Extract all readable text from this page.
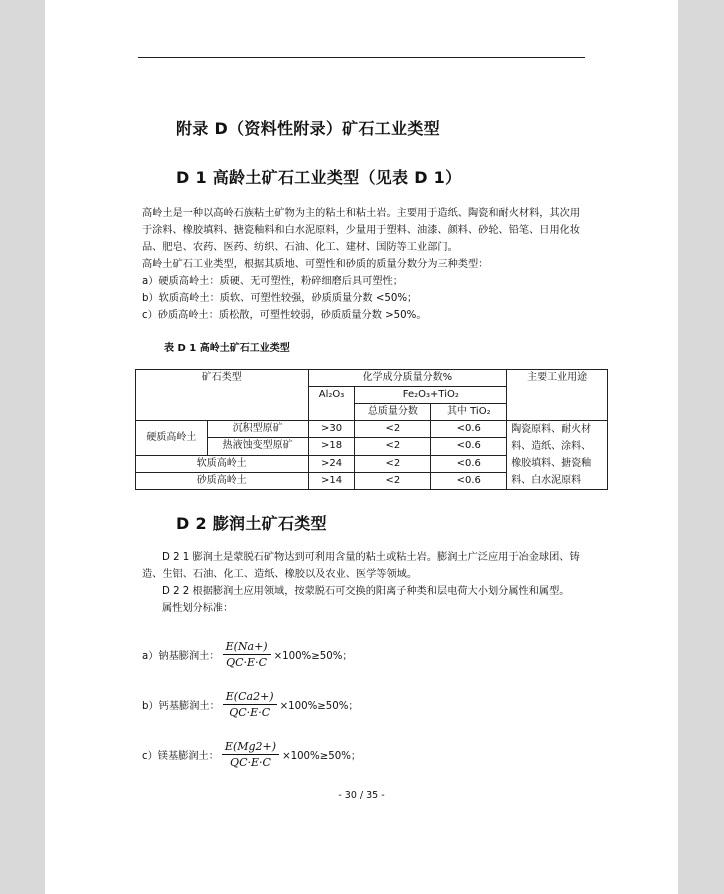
附录 D（资料性附录）矿石工业类型
D 1 高龄土矿石工业类型（见表 D 1）

高岭土是一种以高岭石族粘土矿物为主的粘土和粘土岩。主要用于造纸、陶瓷和耐火材料，其次用于涂料、橡胶填料、搪瓷釉料和白水泥原料，少量用于塑料、油漆、颜料、砂轮、铅笔、日用化妆品、肥皂、农药、医药、纺织、石油、化工、建材、国防等工业部门。

高岭土矿石工业类型，根据其质地、可塑性和砂质的质量分数分为三种类型：

a）硬质高岭土：质硬、无可塑性，粉碎细磨后具可塑性；

b）软质高岭土：质软、可塑性较强，砂质质量分数 <50%；

c）砂质高岭土：质松散，可塑性较弱，砂质质量分数 >50%。

表 D 1 高岭土矿石工业类型
矿石类型		化学成分质量分数%			主要工业用途
		Al₂O₃	Fe₂O₃+TiO₂		
			总质量分数	其中 TiO₂	
硬质高岭土	沉积型原矿	>30	<2	<0.6	陶瓷原料、耐火材
料、造纸、涂料、
橡胶填料、搪瓷釉
料、白水泥原料

	热液蚀变型原矿	>18	<2	<0.6	
软质高岭土		>24	<2	<0.6	
砂质高岭土		>14	<2	<0.6	
D 2 膨润土矿石类型

D 2 1 膨润土是蒙脱石矿物达到可利用含量的粘土或粘土岩。膨润土广泛应用于冶金球团、铸造、生铝、石油、化工、造纸、橡胶以及农业、医学等领域。

D 2 2 根据膨润土应用领域，按蒙脱石可交换的阳离子种类和层电荷大小划分属性和属型。

属性划分标准：

a）钠基膨润土： $\frac{E(Na+)}{QC\cdot E\cdot C} \times 100\%\ge 50\%$；
b）钙基膨润土： $\frac{E(Ca2+)}{QC\cdot E\cdot C} \times 100\%\ge 50\%$；
c）镁基膨润土： $\frac{E(Mg2+)}{QC\cdot E\cdot C} \times 100\%\ge 50\%$；
- 30 / 35 -
